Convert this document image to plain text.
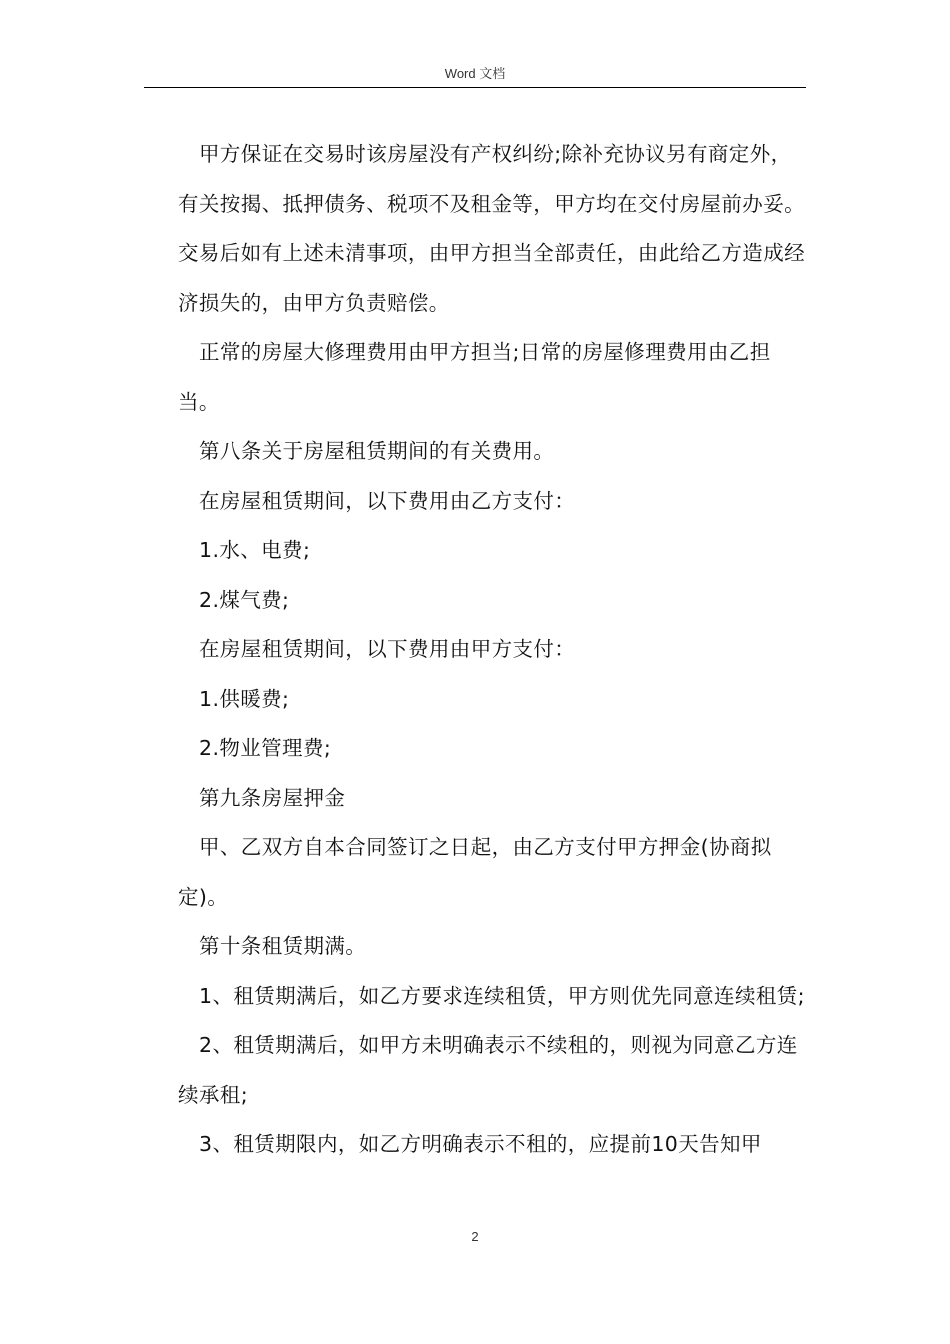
Word 文档

甲方保证在交易时该房屋没有产权纠纷;除补充协议另有商定外，有关按揭、抵押债务、税项不及租金等，甲方均在交付房屋前办妥。交易后如有上述未清事项，由甲方担当全部责任，由此给乙方造成经济损失的，由甲方负责赔偿。

正常的房屋大修理费用由甲方担当;日常的房屋修理费用由乙担当。

第八条关于房屋租赁期间的有关费用。

在房屋租赁期间，以下费用由乙方支付：

1.水、电费;

2.煤气费;

在房屋租赁期间，以下费用由甲方支付：

1.供暖费;

2.物业管理费;

第九条房屋押金

甲、乙双方自本合同签订之日起，由乙方支付甲方押金(协商拟定)。

第十条租赁期满。

1、租赁期满后，如乙方要求连续租赁，甲方则优先同意连续租赁;

2、租赁期满后，如甲方未明确表示不续租的，则视为同意乙方连续承租;

3、租赁期限内，如乙方明确表示不租的，应提前10天告知甲

2
